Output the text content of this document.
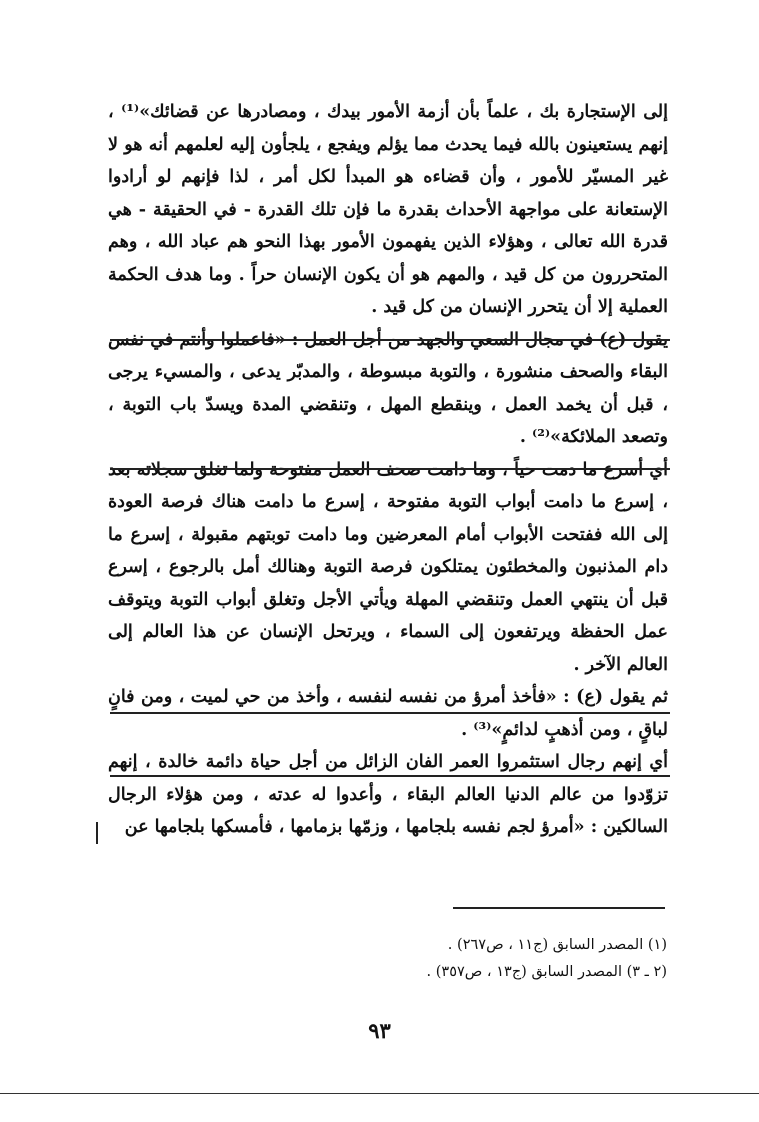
إلى الإستجارة بك ، علماً بأن أزمة الأمور بيدك ، ومصادرها عن قضائك»⁽¹⁾ ، إنهم يستعينون بالله فيما يحدث مما يؤلم ويفجع ، يلجأون إليه لعلمهم أنه هو لا غير المسيّر للأمور ، وأن قضاءه هو المبدأ لكل أمر ، لذا فإنهم لو أرادوا الإستعانة على مواجهة الأحداث بقدرة ما فإن تلك القدرة - في الحقيقة - هي قدرة الله تعالى ، وهؤلاء الذين يفهمون الأمور بهذا النحو هم عباد الله ، وهم المتحررون من كل قيد ، والمهم هو أن يكون الإنسان حراً . وما هدف الحكمة العملية إلا أن يتحرر الإنسان من كل قيد .

يقول (ع) في مجال السعي والجهد من أجل العمل : «فاعملوا وأنتم في نفس البقاء والصحف منشورة ، والتوبة مبسوطة ، والمدبّر يدعى ، والمسيء يرجى ، قبل أن يخمد العمل ، وينقطع المهل ، وتنقضي المدة ويسدّ باب التوبة ، وتصعد الملائكة»⁽²⁾ .

أي أسرع ما دمت حياً ، وما دامت صحف العمل مفتوحة ولما تغلق سجلاته بعد ، إسرع ما دامت أبواب التوبة مفتوحة ، إسرع ما دامت هناك فرصة العودة إلى الله ففتحت الأبواب أمام المعرضين وما دامت توبتهم مقبولة ، إسرع ما دام المذنبون والمخطئون يمتلكون فرصة التوبة وهنالك أمل بالرجوع ، إسرع قبل أن ينتهي العمل وتنقضي المهلة ويأتي الأجل وتغلق أبواب التوبة ويتوقف عمل الحفظة ويرتفعون إلى السماء ، ويرتحل الإنسان عن هذا العالم إلى العالم الآخر .

ثم يقول (ع) : «فأخذ أمرؤ من نفسه لنفسه ، وأخذ من حي لميت ، ومن فانٍ لباقٍ ، ومن أذهبٍ لدائمٍ»⁽³⁾ .

أي إنهم رجال استثمروا العمر الفان الزائل من أجل حياة دائمة خالدة ، إنهم تزوّدوا من عالم الدنيا العالم البقاء ، وأعدوا له عدته ، ومن هؤلاء الرجال السالكين : «أمرؤ لجم نفسه بلجامها ، وزمّها بزمامها ، فأمسكها بلجامها عن

(١) المصدر السابق (ج١١ ، ص٢٦٧) .

(٢ ـ ٣) المصدر السابق (ج١٣ ، ص٣٥٧) .

٩٣
